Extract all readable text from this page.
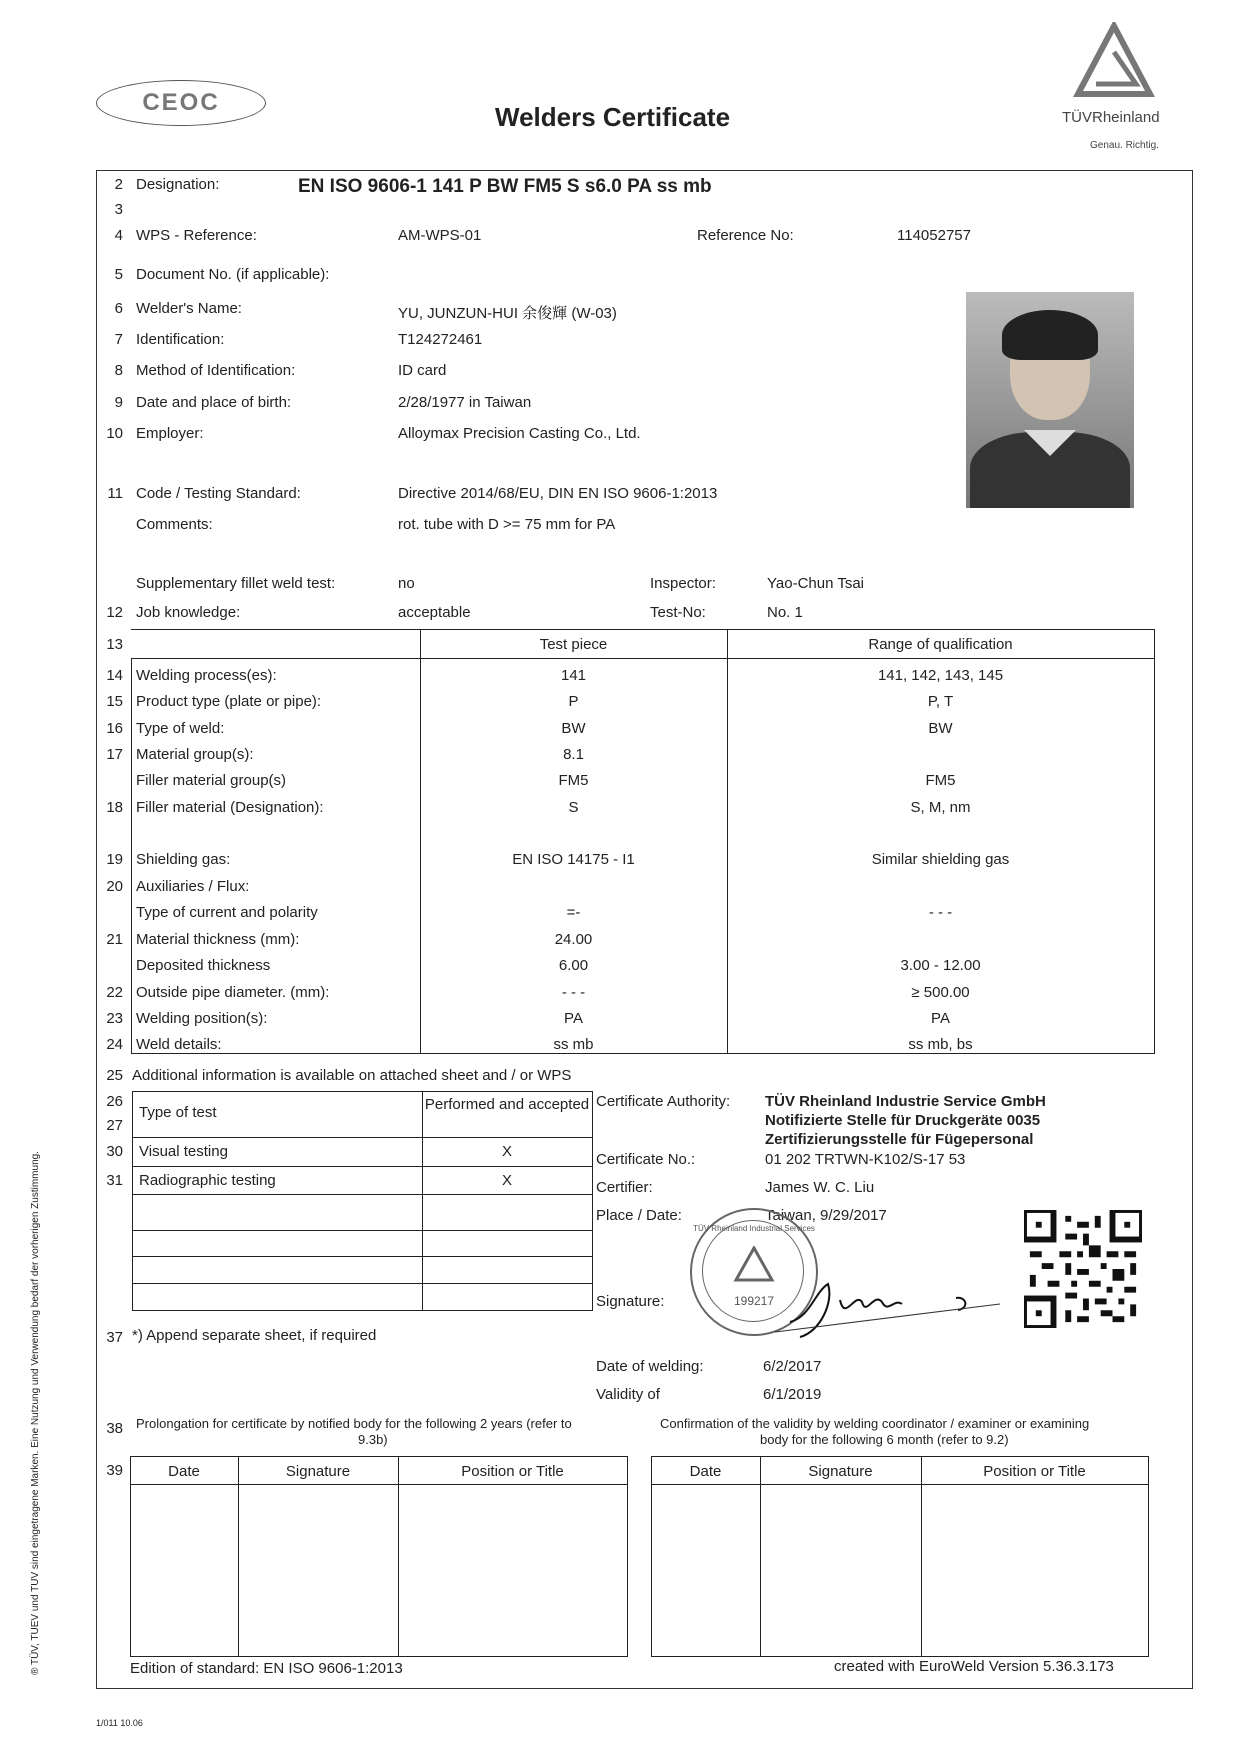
CEOC	Welders Certificate	TÜVRheinland
Genau. Richtig.
2 Designation:	EN ISO 9606-1 141 P BW FM5 S s6.0 PA ss mb
3
4 WPS - Reference:	AM-WPS-01	Reference No:	114052757
5 Document No. (if applicable):
6 Welder's Name:	YU, JUNZUN-HUI 余俊輝 (W-03)
7 Identification:	T124272461
8 Method of Identification:	ID card
9 Date and place of birth:	2/28/1977 in Taiwan
10 Employer:	Alloymax Precision Casting Co., Ltd.
11 Code / Testing Standard:	Directive 2014/68/EU, DIN EN ISO 9606-1:2013
Comments:	rot. tube with D >= 75 mm for PA
Supplementary fillet weld test:	no	Inspector:	Yao-Chun Tsai
12 Job knowledge:	acceptable	Test-No:	No. 1
13	Test piece	Range of qualification
14 Welding process(es):	141	141, 142, 143, 145
15 Product type (plate or pipe):	P	P, T
16 Type of weld:	BW	BW
17 Material group(s):	8.1
Filler material group(s)	FM5	FM5
18 Filler material (Designation):	S	S, M, nm
19 Shielding gas:	EN ISO 14175 - I1	Similar shielding gas
20 Auxiliaries / Flux:
Type of current and polarity	=-	- - -
21 Material thickness (mm):	24.00
Deposited thickness	6.00	3.00 - 12.00
22 Outside pipe diameter. (mm):	- - -	≥ 500.00
23 Welding position(s):	PA	PA
24 Weld details:	ss mb	ss mb, bs
25 Additional information is available on attached sheet and / or WPS
26
27
Type of test	Performed and accepted
30 Visual testing	X
31 Radiographic testing	X
Certificate Authority: TÜV Rheinland Industrie Service GmbH
Notifizierte Stelle für Druckgeräte 0035
Zertifizierungsstelle für Fügepersonal
Certificate No.:	01 202 TRTWN-K102/S-17 53
Certifier:	James W. C. Liu
Place / Date:	Taiwan, 9/29/2017
Signature:
TÜV Rheinland Industrial Services
199217
37 *) Append separate sheet, if required
Date of welding:	6/2/2017
Validity of	6/1/2019
38 Prolongation for certificate by notified body for the following 2 years (refer to
9.3b)
Confirmation of the validity by welding coordinator / examiner or examining
body for the following 6 month (refer to 9.2)
39	Date	Signature	Position or Title	Date	Signature	Position or Title
Edition of standard: EN ISO 9606-1:2013	created with EuroWeld Version 5.36.3.173
1/011 10.06
® TÜV, TUEV und TUV sind eingetragene Marken. Eine Nutzung und Verwendung bedarf der vorherigen Zustimmung.
